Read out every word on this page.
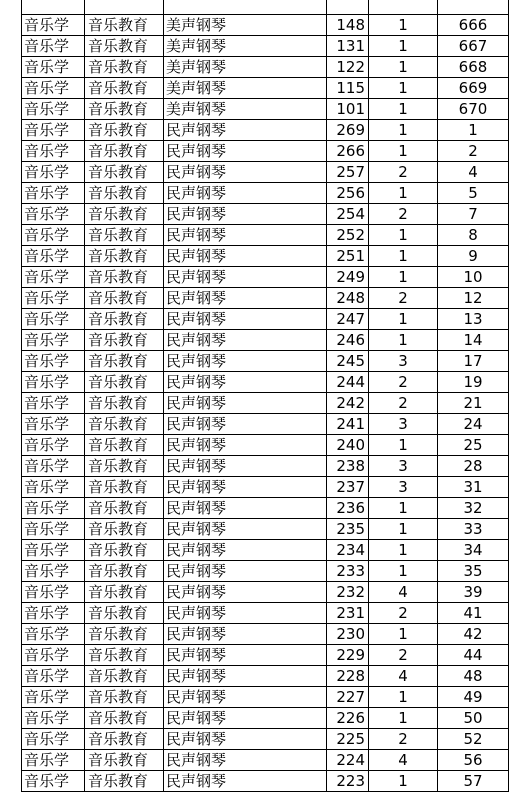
音乐学	音乐教育	美声钢琴	148	1	666
音乐学	音乐教育	美声钢琴	131	1	667
音乐学	音乐教育	美声钢琴	122	1	668
音乐学	音乐教育	美声钢琴	115	1	669
音乐学	音乐教育	美声钢琴	101	1	670
音乐学	音乐教育	民声钢琴	269	1	1
音乐学	音乐教育	民声钢琴	266	1	2
音乐学	音乐教育	民声钢琴	257	2	4
音乐学	音乐教育	民声钢琴	256	1	5
音乐学	音乐教育	民声钢琴	254	2	7
音乐学	音乐教育	民声钢琴	252	1	8
音乐学	音乐教育	民声钢琴	251	1	9
音乐学	音乐教育	民声钢琴	249	1	10
音乐学	音乐教育	民声钢琴	248	2	12
音乐学	音乐教育	民声钢琴	247	1	13
音乐学	音乐教育	民声钢琴	246	1	14
音乐学	音乐教育	民声钢琴	245	3	17
音乐学	音乐教育	民声钢琴	244	2	19
音乐学	音乐教育	民声钢琴	242	2	21
音乐学	音乐教育	民声钢琴	241	3	24
音乐学	音乐教育	民声钢琴	240	1	25
音乐学	音乐教育	民声钢琴	238	3	28
音乐学	音乐教育	民声钢琴	237	3	31
音乐学	音乐教育	民声钢琴	236	1	32
音乐学	音乐教育	民声钢琴	235	1	33
音乐学	音乐教育	民声钢琴	234	1	34
音乐学	音乐教育	民声钢琴	233	1	35
音乐学	音乐教育	民声钢琴	232	4	39
音乐学	音乐教育	民声钢琴	231	2	41
音乐学	音乐教育	民声钢琴	230	1	42
音乐学	音乐教育	民声钢琴	229	2	44
音乐学	音乐教育	民声钢琴	228	4	48
音乐学	音乐教育	民声钢琴	227	1	49
音乐学	音乐教育	民声钢琴	226	1	50
音乐学	音乐教育	民声钢琴	225	2	52
音乐学	音乐教育	民声钢琴	224	4	56
音乐学	音乐教育	民声钢琴	223	1	57
